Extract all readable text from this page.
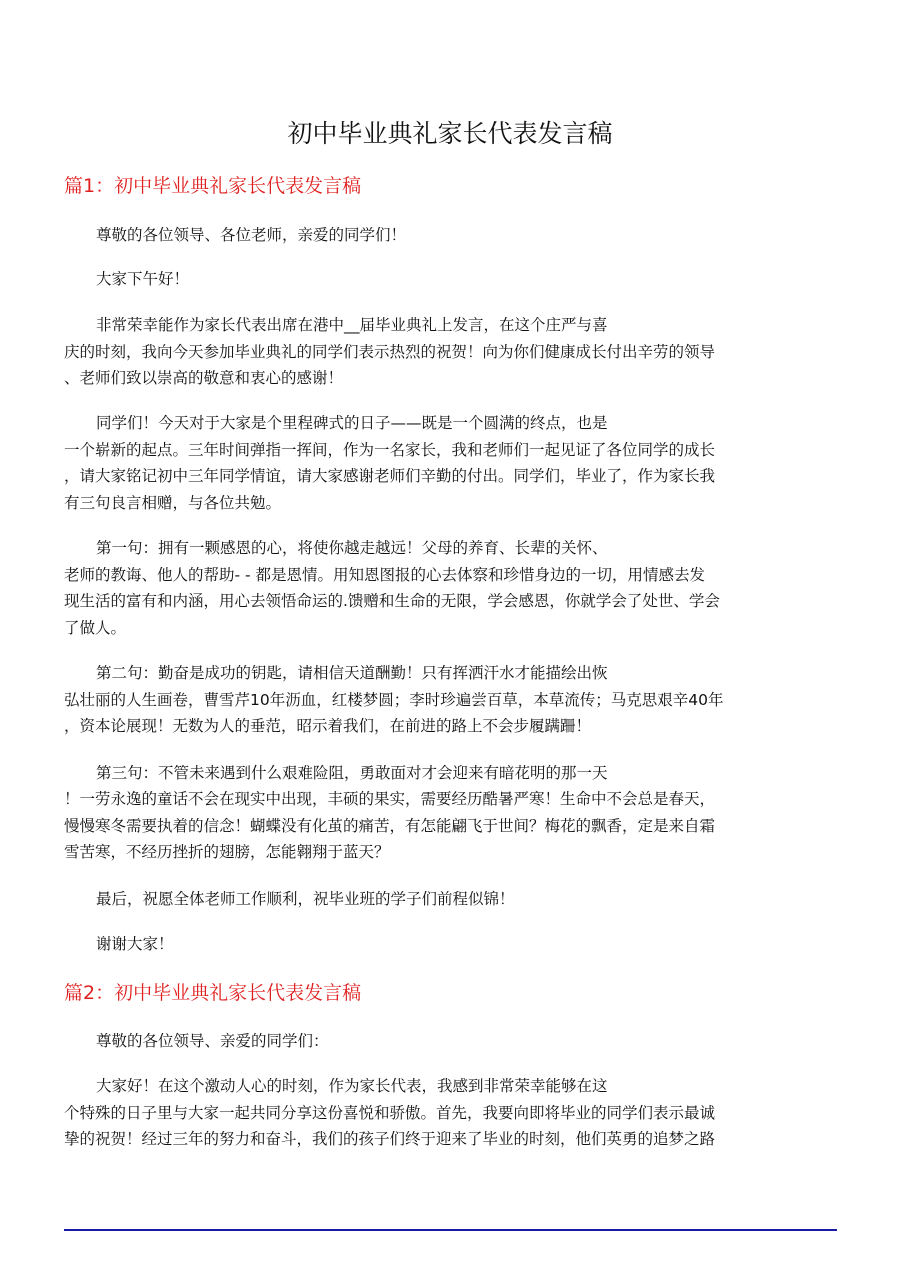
初中毕业典礼家长代表发言稿
篇1：初中毕业典礼家长代表发言稿
尊敬的各位领导、各位老师，亲爱的同学们！
大家下午好！
非常荣幸能作为家长代表出席在港中__届毕业典礼上发言，在这个庄严与喜
庆的时刻，我向今天参加毕业典礼的同学们表示热烈的祝贺！向为你们健康成长付出辛劳的领导
、老师们致以崇高的敬意和衷心的感谢！
同学们！今天对于大家是个里程碑式的日子——既是一个圆满的终点，也是
一个崭新的起点。三年时间弹指一挥间，作为一名家长，我和老师们一起见证了各位同学的成长
，请大家铭记初中三年同学情谊，请大家感谢老师们辛勤的付出。同学们，毕业了，作为家长我
有三句良言相赠，与各位共勉。
第一句：拥有一颗感恩的心，将使你越走越远！父母的养育、长辈的关怀、
老师的教诲、他人的帮助- - 都是恩情。用知恩图报的心去体察和珍惜身边的一切，用情感去发
现生活的富有和内涵，用心去领悟命运的.馈赠和生命的无限，学会感恩，你就学会了处世、学会
了做人。
第二句：勤奋是成功的钥匙，请相信天道酬勤！只有挥洒汗水才能描绘出恢
弘壮丽的人生画卷，曹雪芹10年沥血，红楼梦圆；李时珍遍尝百草，本草流传；马克思艰辛40年
，资本论展现！无数为人的垂范，昭示着我们，在前进的路上不会步履蹒跚！
第三句：不管未来遇到什么艰难险阻，勇敢面对才会迎来有暗花明的那一天
！一劳永逸的童话不会在现实中出现，丰硕的果实，需要经历酷暑严寒！生命中不会总是春天，
慢慢寒冬需要执着的信念！蝴蝶没有化茧的痛苦，有怎能翩飞于世间？梅花的飘香，定是来自霜
雪苦寒，不经历挫折的翅膀，怎能翱翔于蓝天？
最后，祝愿全体老师工作顺利，祝毕业班的学子们前程似锦！
谢谢大家！
篇2：初中毕业典礼家长代表发言稿
尊敬的各位领导、亲爱的同学们：
大家好！在这个激动人心的时刻，作为家长代表，我感到非常荣幸能够在这
个特殊的日子里与大家一起共同分享这份喜悦和骄傲。首先，我要向即将毕业的同学们表示最诚
挚的祝贺！经过三年的努力和奋斗，我们的孩子们终于迎来了毕业的时刻，他们英勇的追梦之路
